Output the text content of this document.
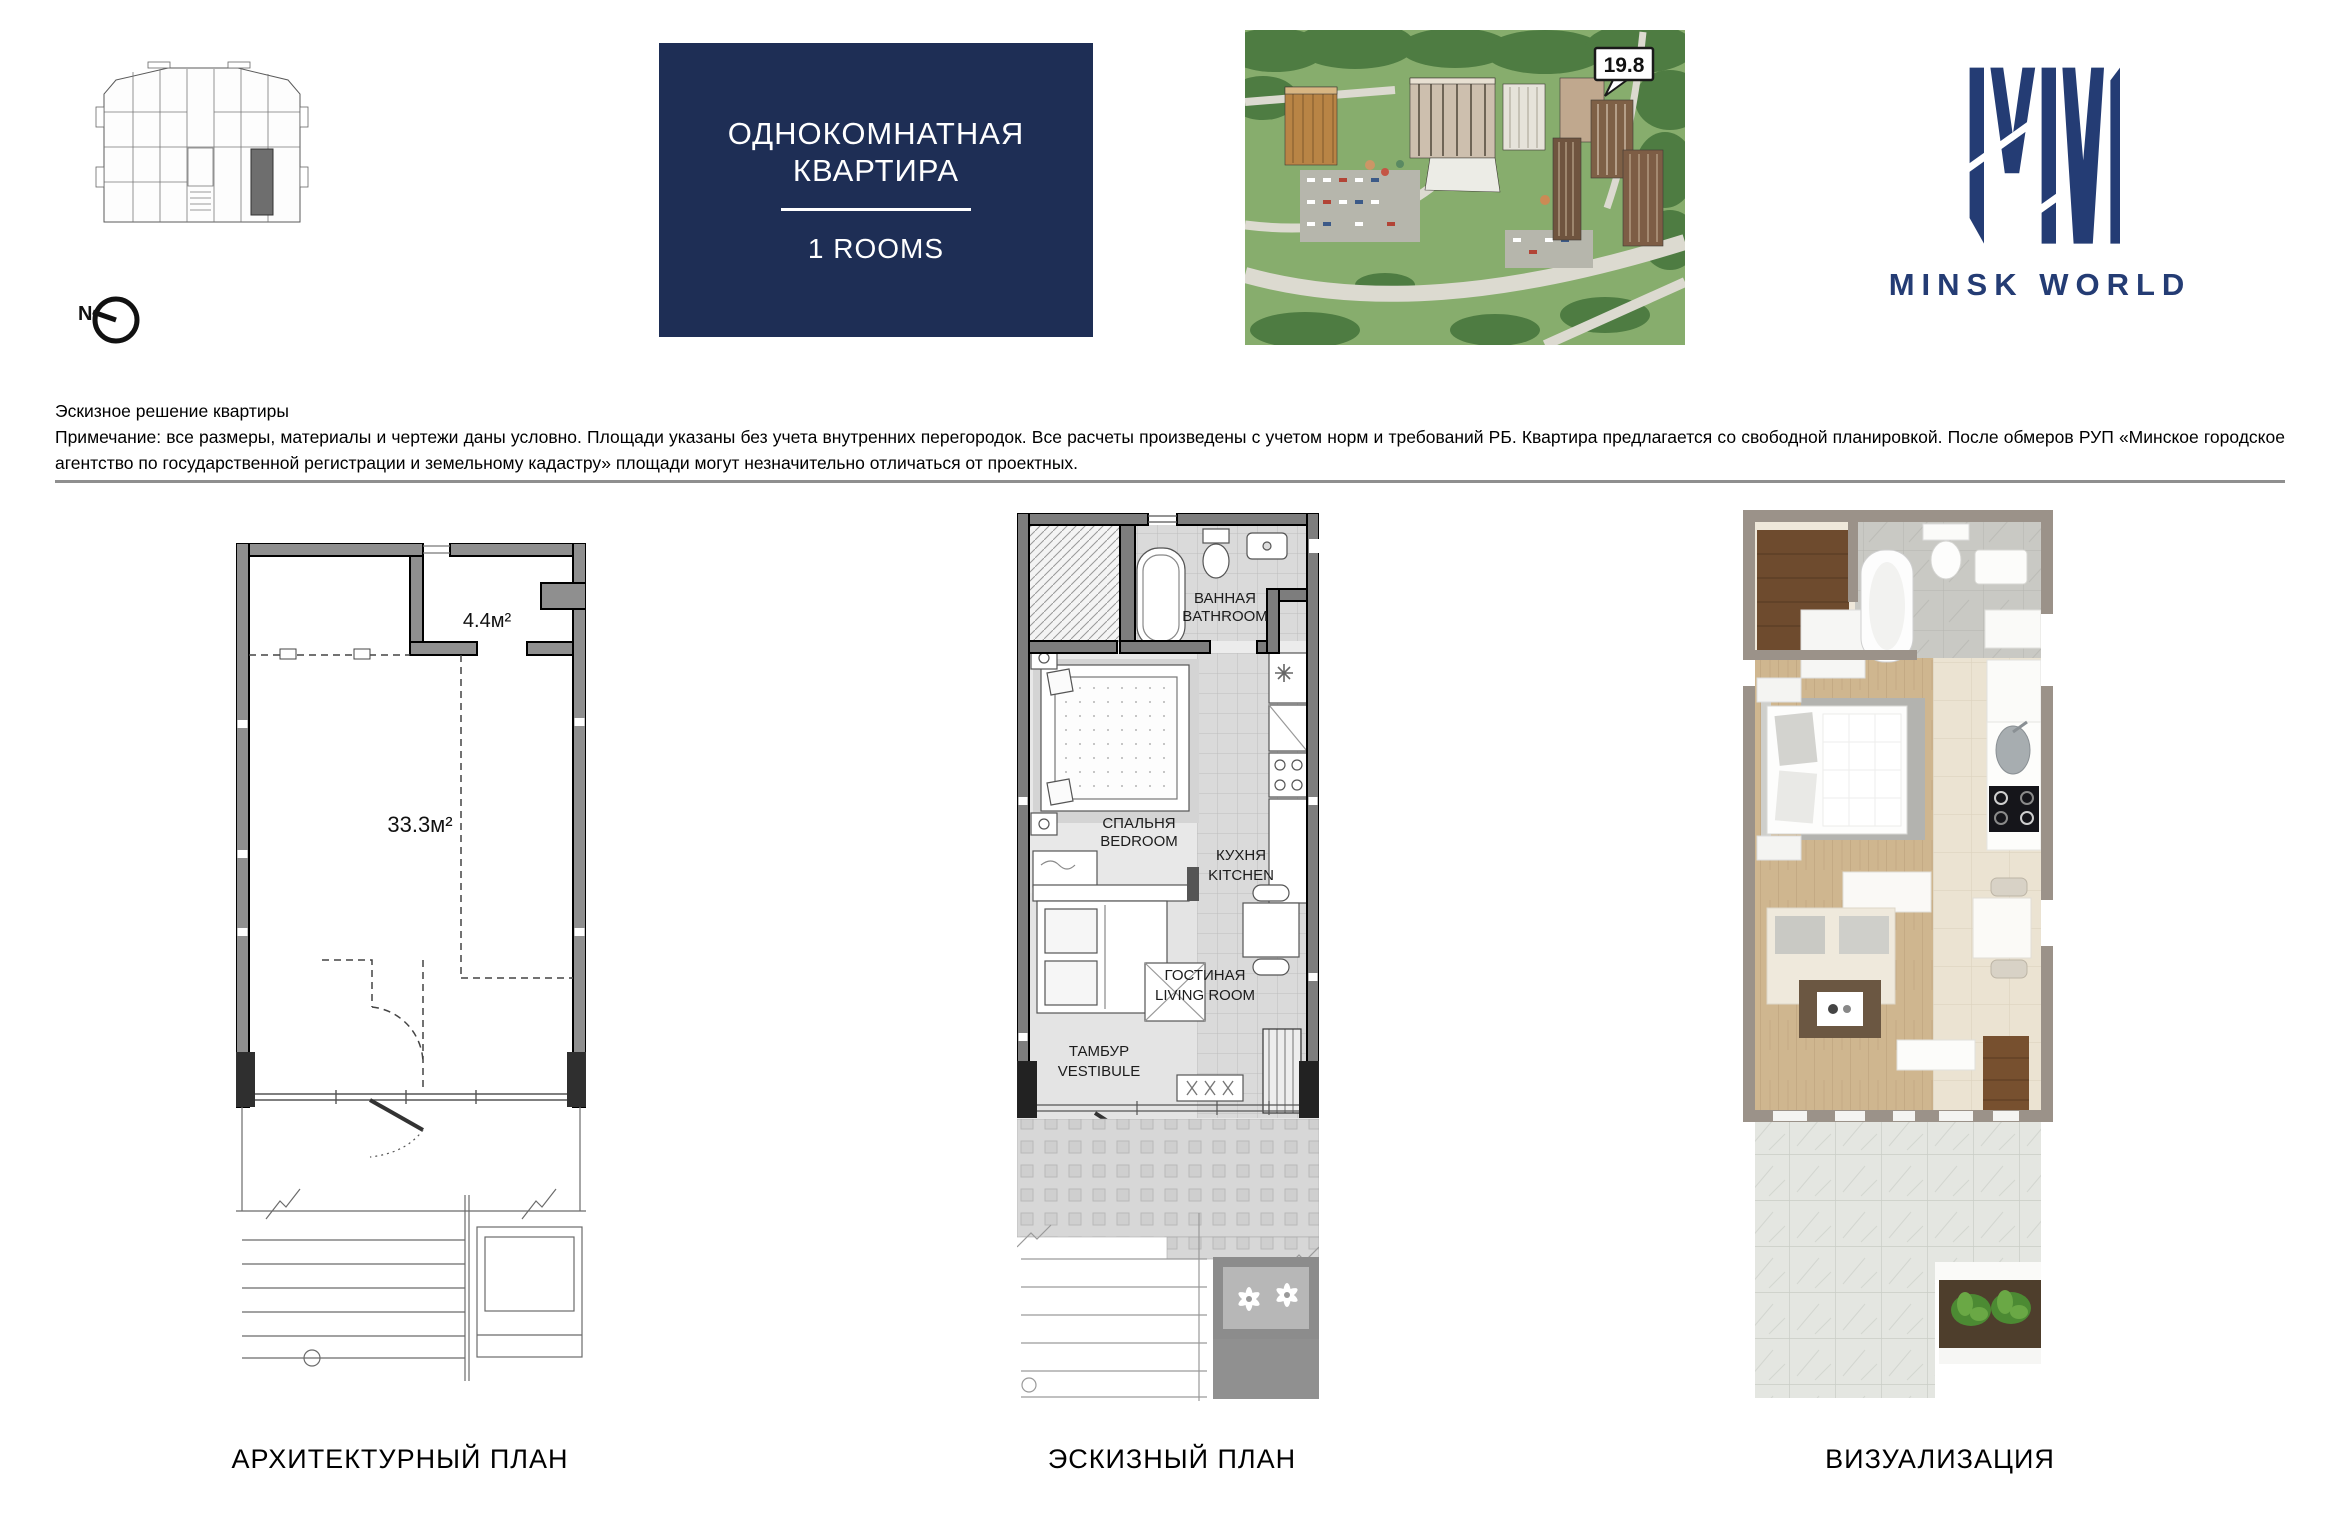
N
ОДНОКОМНАТНАЯ
КВАРТИРА
1 ROOMS
19.8
MINSK WORLD
Эскизное решение квартиры
Примечание: все размеры, материалы и чертежи даны условно. Площади указаны без учета внутренних перегородок. Все расчеты произведены с учетом норм и требований РБ. Квартира предлагается со свободной планировкой. После обмеров РУП «Минское городское агентство по государственной регистрации и земельному кадастру» площади могут незначительно отличаться от проектных.
4.4м²
33.3м²
ВАННАЯ
BATHROOM
СПАЛЬНЯ
BEDROOM
КУХНЯ
KITCHEN
ГОСТИНАЯ
LIVING ROOM
ТАМБУР
VESTIBULE
АРХИТЕКТУРНЫЙ ПЛАН	ЭСКИЗНЫЙ ПЛАН	ВИЗУАЛИЗАЦИЯ
